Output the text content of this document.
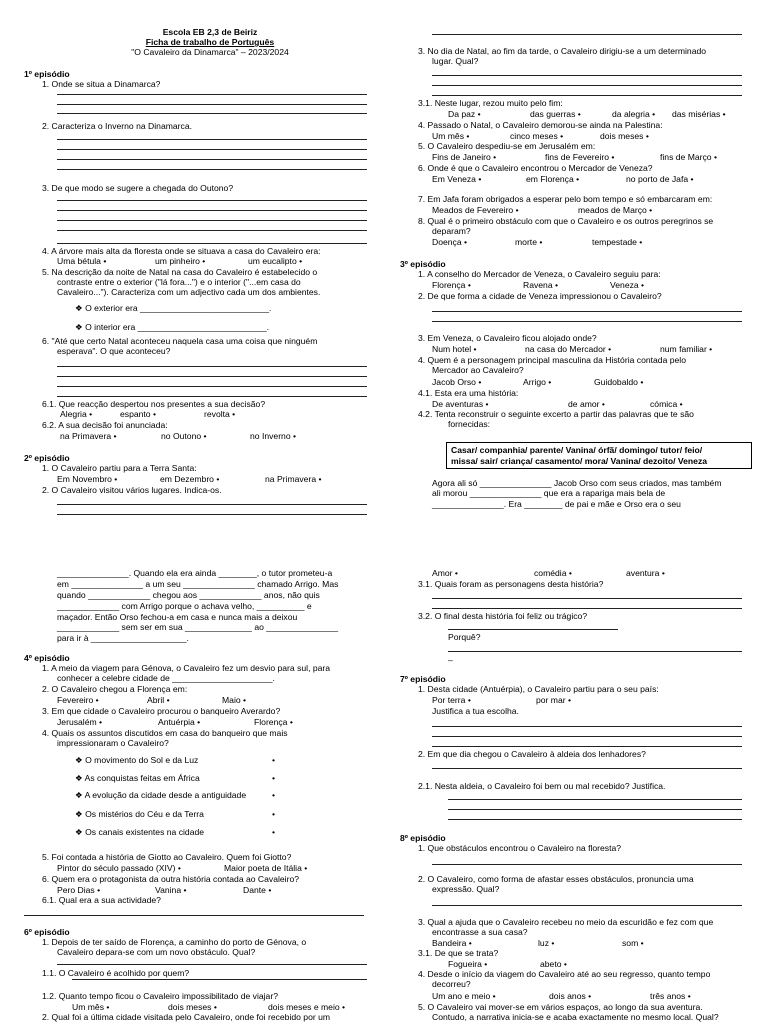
Escola EB 2,3 de Beiriz
Ficha de trabalho de Português
"O Cavaleiro da Dinamarca" – 2023/2024
1º episódio
1. Onde se situa a Dinamarca?
2. Caracteriza o Inverno na Dinamarca.
3. De que modo se sugere a chegada do Outono?
4. A árvore mais alta da floresta onde se situava a casa do Cavaleiro era:
Uma bétula •	um pinheiro •	um eucalipto •
5. Na descrição da noite de Natal na casa do Cavaleiro é estabelecido o
contraste entre o exterior ("lá fora...") e o interior ("...em casa do
Cavaleiro..."). Caracteriza com um adjectivo cada um dos ambientes.
❖ O exterior era ___________________________.
❖ O interior era ___________________________.
6. "Até que certo Natal aconteceu naquela casa uma coisa que ninguém
esperava". O que aconteceu?
6.1. Que reacção despertou nos presentes a sua decisão?
Alegria •	espanto •	revolta •
6.2. A sua decisão foi anunciada:
na Primavera •	no Outono •	no Inverno •
2º episódio
1. O Cavaleiro partiu para a Terra Santa:
Em Novembro •	em Dezembro •	na Primavera •
2. O Cavaleiro visitou vários lugares. Indica-os.
3. No dia de Natal, ao fim da tarde, o Cavaleiro dirigiu-se a um determinado
lugar. Qual?
3.1. Neste lugar, rezou muito pelo fim:
Da paz •	das guerras •	da alegria • das misérias •
4. Passado o Natal, o Cavaleiro demorou-se ainda na Palestina:
Um mês •	cinco meses •	dois meses •
5. O Cavaleiro despediu-se em Jerusalém em:
Fins de Janeiro •	fins de Fevereiro •	fins de Março •
6. Onde é que o Cavaleiro encontrou o Mercador de Veneza?
Em Veneza •	em Florença •	no porto de Jafa •
7. Em Jafa foram obrigados a esperar pelo bom tempo e só embarcaram em:
Meados de Fevereiro •	meados de Março •
8. Qual é o primeiro obstáculo com que o Cavaleiro e os outros peregrinos se
deparam?
Doença •	morte •	tempestade •
3º episódio
1. A conselho do Mercador de Veneza, o Cavaleiro seguiu para:
Florença •	Ravena •	Veneza •
2. De que forma a cidade de Veneza impressionou o Cavaleiro?
3. Em Veneza, o Cavaleiro ficou alojado onde?
Num hotel •	na casa do Mercador •	num familiar •
4. Quem é a personagem principal masculina da História contada pelo
Mercador ao Cavaleiro?
Jacob Orso •	Arrigo •	Guidobaldo •
4.1. Esta era uma história:
De aventuras •	de amor •	cómica •
4.2. Tenta reconstruir o seguinte excerto a partir das palavras que te são
fornecidas:
Casar/ companhia/ parente/ Vanina/ órfã/ domingo/ tutor/ feio/
missa/ sair/ criança/ casamento/ mora/ Vanina/ dezoito/ Veneza
Agora ali só _______________ Jacob Orso com seus criados, mas também
ali morou _______________ que era a rapariga mais bela de
_______________. Era ________ de pai e mãe e Orso era o seu
_______________. Quando ela era ainda ________, o tutor prometeu-a
em _______________ a um seu _______________ chamado Arrigo. Mas
quando _____________ chegou aos _____________ anos, não quis
_____________ com Arrigo porque o achava velho, __________ e
maçador. Então Orso fechou-a em casa e nunca mais a deixou
_____________ sem ser em sua ______________ ao _______________
para ir à ____________________.
4º episódio
1. A meio da viagem para Génova, o Cavaleiro fez um desvio para sul, para
conhecer a celebre cidade de _____________________.
2. O Cavaleiro chegou a Florença em:
Fevereiro •	Abril •	Maio •
3. Em que cidade o Cavaleiro procurou o banqueiro Averardo?
Jerusalém •	Antuérpia •	Florença •
4. Quais os assuntos discutidos em casa do banqueiro que mais
impressionaram o Cavaleiro?
❖ O movimento do Sol e da Luz	•
❖ As conquistas feitas em África	•
❖ A evolução da cidade desde a antiguidade	•
❖ Os mistérios do Céu e da Terra	•
❖ Os canais existentes na cidade	•
5. Foi contada a história de Giotto ao Cavaleiro. Quem foi Giotto?
Pintor do século passado (XIV) •	Maior poeta de Itália •
6. Quem era o protagonista da outra história contada ao Cavaleiro?
Pero Dias •	Vanina •	Dante •
6.1. Qual era a sua actividade?
6º episódio
1. Depois de ter saído de Florença, a caminho do porto de Génova, o
Cavaleiro depara-se com um novo obstáculo. Qual?
1.1. O Cavaleiro é acolhido por quem?
1.2. Quanto tempo ficou o Cavaleiro impossibilitado de viajar?
Um mês •	dois meses •	dois meses e meio •
2. Qual foi a última cidade visitada pelo Cavaleiro, onde foi recebido por um
Amor •	comédia •	aventura •
3.1. Quais foram as personagens desta história?
3.2. O final desta história foi feliz ou trágico?
Porquê?
–
7º episódio
1. Desta cidade (Antuérpia), o Cavaleiro partiu para o seu país:
Por terra •	por mar •
Justifica a tua escolha.
2. Em que dia chegou o Cavaleiro à aldeia dos lenhadores?
2.1. Nesta aldeia, o Cavaleiro foi bem ou mal recebido? Justifica.
8º episódio
1. Que obstáculos encontrou o Cavaleiro na floresta?
2. O Cavaleiro, como forma de afastar esses obstáculos, pronuncia uma
expressão. Qual?
3. Qual a ajuda que o Cavaleiro recebeu no meio da escuridão e fez com que
encontrasse a sua casa?
Bandeira •	luz •	som •
3.1. De que se trata?
Fogueira •	abeto •
4. Desde o início da viagem do Cavaleiro até ao seu regresso, quanto tempo
decorreu?
Um ano e meio •	dois anos •	três anos •
5. O Cavaleiro vai mover-se em vários espaços, ao longo da sua aventura.
Contudo, a narrativa inicia-se e acaba exactamente no mesmo local. Qual?
